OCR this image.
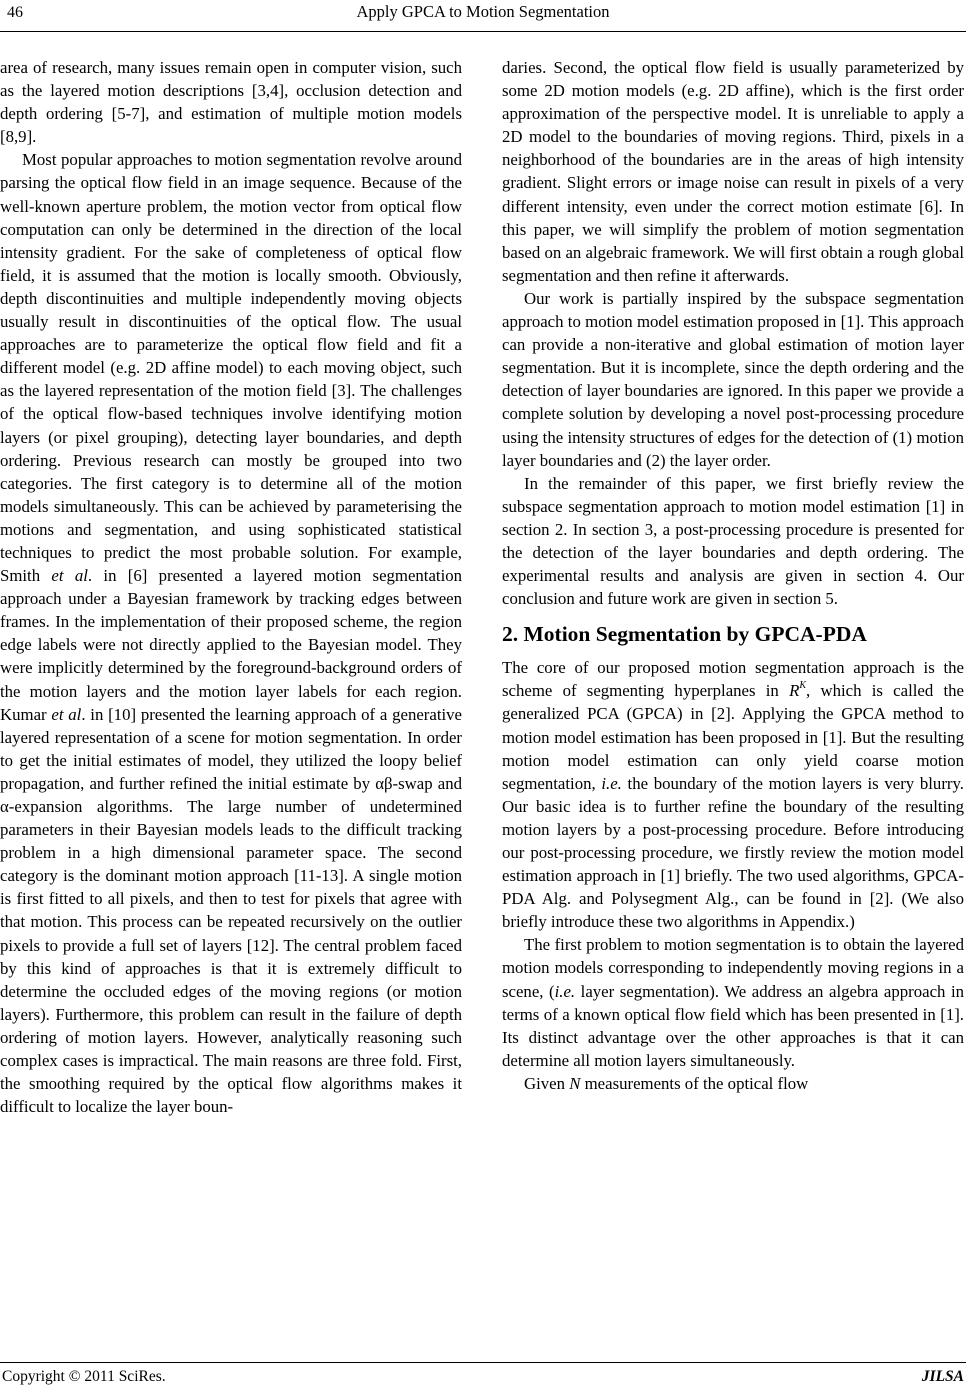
46	Apply GPCA to Motion Segmentation

area of research, many issues remain open in computer vision, such as the layered motion descriptions [3,4], occlusion detection and depth ordering [5-7], and estimation of multiple motion models [8,9].

Most popular approaches to motion segmentation revolve around parsing the optical flow field in an image sequence. Because of the well-known aperture problem, the motion vector from optical flow computation can only be determined in the direction of the local intensity gradient. For the sake of completeness of optical flow field, it is assumed that the motion is locally smooth. Obviously, depth discontinuities and multiple independently moving objects usually result in discontinuities of the optical flow. The usual approaches are to parameterize the optical flow field and fit a different model (e.g. 2D affine model) to each moving object, such as the layered representation of the motion field [3]. The challenges of the optical flow-based techniques involve identifying motion layers (or pixel grouping), detecting layer boundaries, and depth ordering. Previous research can mostly be grouped into two categories. The first category is to determine all of the motion models simultaneously. This can be achieved by parameterising the motions and segmentation, and using sophisticated statistical techniques to predict the most probable solution. For example, Smith et al. in [6] presented a layered motion segmentation approach under a Bayesian framework by tracking edges between frames. In the implementation of their proposed scheme, the region edge labels were not directly applied to the Bayesian model. They were implicitly determined by the foreground-background orders of the motion layers and the motion layer labels for each region. Kumar et al. in [10] presented the learning approach of a generative layered representation of a scene for motion segmentation. In order to get the initial estimates of model, they utilized the loopy belief propagation, and further refined the initial estimate by αβ-swap and α-expansion algorithms. The large number of undetermined parameters in their Bayesian models leads to the difficult tracking problem in a high dimensional parameter space. The second category is the dominant motion approach [11-13]. A single motion is first fitted to all pixels, and then to test for pixels that agree with that motion. This process can be repeated recursively on the outlier pixels to provide a full set of layers [12]. The central problem faced by this kind of approaches is that it is extremely difficult to determine the occluded edges of the moving regions (or motion layers). Furthermore, this problem can result in the failure of depth ordering of motion layers. However, analytically reasoning such complex cases is impractical. The main reasons are three fold. First, the smoothing required by the optical flow algorithms makes it difficult to localize the layer boun-

daries. Second, the optical flow field is usually parameterized by some 2D motion models (e.g. 2D affine), which is the first order approximation of the perspective model. It is unreliable to apply a 2D model to the boundaries of moving regions. Third, pixels in a neighborhood of the boundaries are in the areas of high intensity gradient. Slight errors or image noise can result in pixels of a very different intensity, even under the correct motion estimate [6]. In this paper, we will simplify the problem of motion segmentation based on an algebraic framework. We will first obtain a rough global segmentation and then refine it afterwards.

Our work is partially inspired by the subspace segmentation approach to motion model estimation proposed in [1]. This approach can provide a non-iterative and global estimation of motion layer segmentation. But it is incomplete, since the depth ordering and the detection of layer boundaries are ignored. In this paper we provide a complete solution by developing a novel post-processing procedure using the intensity structures of edges for the detection of (1) motion layer boundaries and (2) the layer order.

In the remainder of this paper, we first briefly review the subspace segmentation approach to motion model estimation [1] in section 2. In section 3, a post-processing procedure is presented for the detection of the layer boundaries and depth ordering. The experimental results and analysis are given in section 4. Our conclusion and future work are given in section 5.

2. Motion Segmentation by GPCA-PDA

The core of our proposed motion segmentation approach is the scheme of segmenting hyperplanes in $R^K$, which is called the generalized PCA (GPCA) in [2]. Applying the GPCA method to motion model estimation has been proposed in [1]. But the resulting motion model estimation can only yield coarse motion segmentation, i.e. the boundary of the motion layers is very blurry. Our basic idea is to further refine the boundary of the resulting motion layers by a post-processing procedure. Before introducing our post-processing procedure, we firstly review the motion model estimation approach in [1] briefly. The two used algorithms, GPCA-PDA Alg. and Polysegment Alg., can be found in [2]. (We also briefly introduce these two algorithms in Appendix.)

The first problem to motion segmentation is to obtain the layered motion models corresponding to independently moving regions in a scene, (i.e. layer segmentation). We address an algebra approach in terms of a known optical flow field which has been presented in [1]. Its distinct advantage over the other approaches is that it can determine all motion layers simultaneously.

Given N measurements of the optical flow

Copyright © 2011 SciRes.	JILSA
